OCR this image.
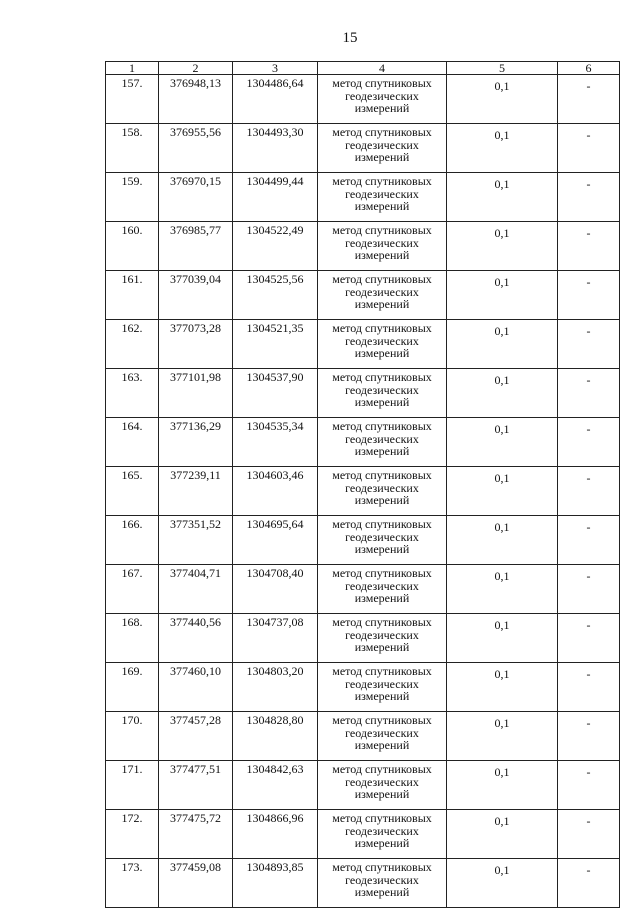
15
1	2	3	4	5	6
157.	376948,13	1304486,64	метод спутниковых геодезических измерений	0,1	-
158.	376955,56	1304493,30	метод спутниковых геодезических измерений	0,1	-
159.	376970,15	1304499,44	метод спутниковых геодезических измерений	0,1	-
160.	376985,77	1304522,49	метод спутниковых геодезических измерений	0,1	-
161.	377039,04	1304525,56	метод спутниковых геодезических измерений	0,1	-
162.	377073,28	1304521,35	метод спутниковых геодезических измерений	0,1	-
163.	377101,98	1304537,90	метод спутниковых геодезических измерений	0,1	-
164.	377136,29	1304535,34	метод спутниковых геодезических измерений	0,1	-
165.	377239,11	1304603,46	метод спутниковых геодезических измерений	0,1	-
166.	377351,52	1304695,64	метод спутниковых геодезических измерений	0,1	-
167.	377404,71	1304708,40	метод спутниковых геодезических измерений	0,1	-
168.	377440,56	1304737,08	метод спутниковых геодезических измерений	0,1	-
169.	377460,10	1304803,20	метод спутниковых геодезических измерений	0,1	-
170.	377457,28	1304828,80	метод спутниковых геодезических измерений	0,1	-
171.	377477,51	1304842,63	метод спутниковых геодезических измерений	0,1	-
172.	377475,72	1304866,96	метод спутниковых геодезических измерений	0,1	-
173.	377459,08	1304893,85	метод спутниковых геодезических измерений	0,1	-
